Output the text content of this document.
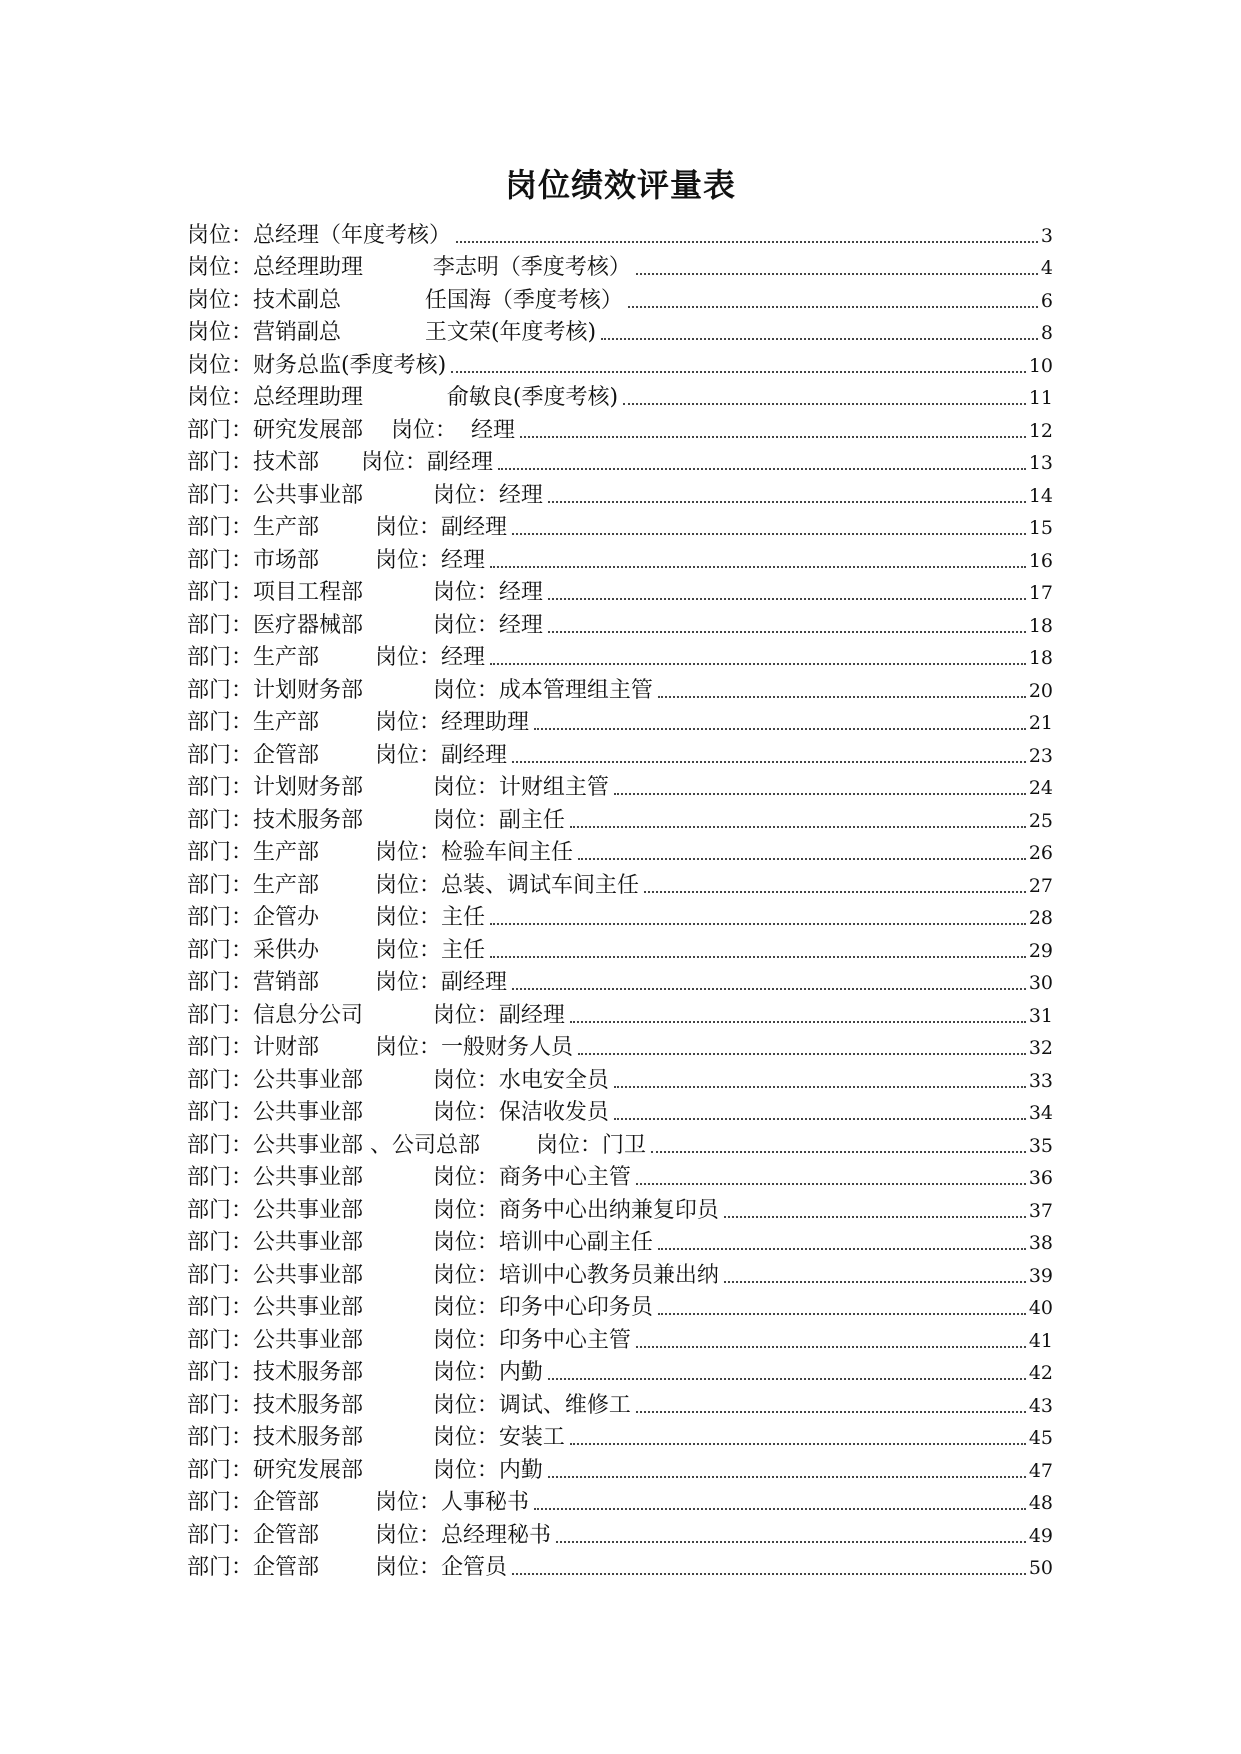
岗位绩效评量表
岗位：总经理（年度考核）	3
岗位：总经理助理          李志明（季度考核）	4
岗位：技术副总            任国海（季度考核）	6
岗位：营销副总            王文荣(年度考核)	8
岗位：财务总监(季度考核)	10
岗位：总经理助理            俞敏良(季度考核)	11
部门：研究发展部    岗位：  经理	12
部门：技术部      岗位：副经理	13
部门：公共事业部          岗位：经理	14
部门：生产部        岗位：副经理	15
部门：市场部        岗位：经理	16
部门：项目工程部          岗位：经理	17
部门：医疗器械部          岗位：经理	18
部门：生产部        岗位：经理	18
部门：计划财务部          岗位：成本管理组主管	20
部门：生产部        岗位：经理助理	21
部门：企管部        岗位：副经理	23
部门：计划财务部          岗位：计财组主管	24
部门：技术服务部          岗位：副主任	25
部门：生产部        岗位：检验车间主任	26
部门：生产部        岗位：总装、调试车间主任	27
部门：企管办        岗位：主任	28
部门：采供办        岗位：主任	29
部门：营销部        岗位：副经理	30
部门：信息分公司          岗位：副经理	31
部门：计财部        岗位：一般财务人员	32
部门：公共事业部          岗位：水电安全员	33
部门：公共事业部          岗位：保洁收发员	34
部门：公共事业部 、公司总部        岗位：门卫	35
部门：公共事业部          岗位：商务中心主管	36
部门：公共事业部          岗位：商务中心出纳兼复印员	37
部门：公共事业部          岗位：培训中心副主任	38
部门：公共事业部          岗位：培训中心教务员兼出纳	39
部门：公共事业部          岗位：印务中心印务员	40
部门：公共事业部          岗位：印务中心主管	41
部门：技术服务部          岗位：内勤	42
部门：技术服务部          岗位：调试、维修工	43
部门：技术服务部          岗位：安装工	45
部门：研究发展部          岗位：内勤	47
部门：企管部        岗位：人事秘书	48
部门：企管部        岗位：总经理秘书	49
部门：企管部        岗位：企管员	50
